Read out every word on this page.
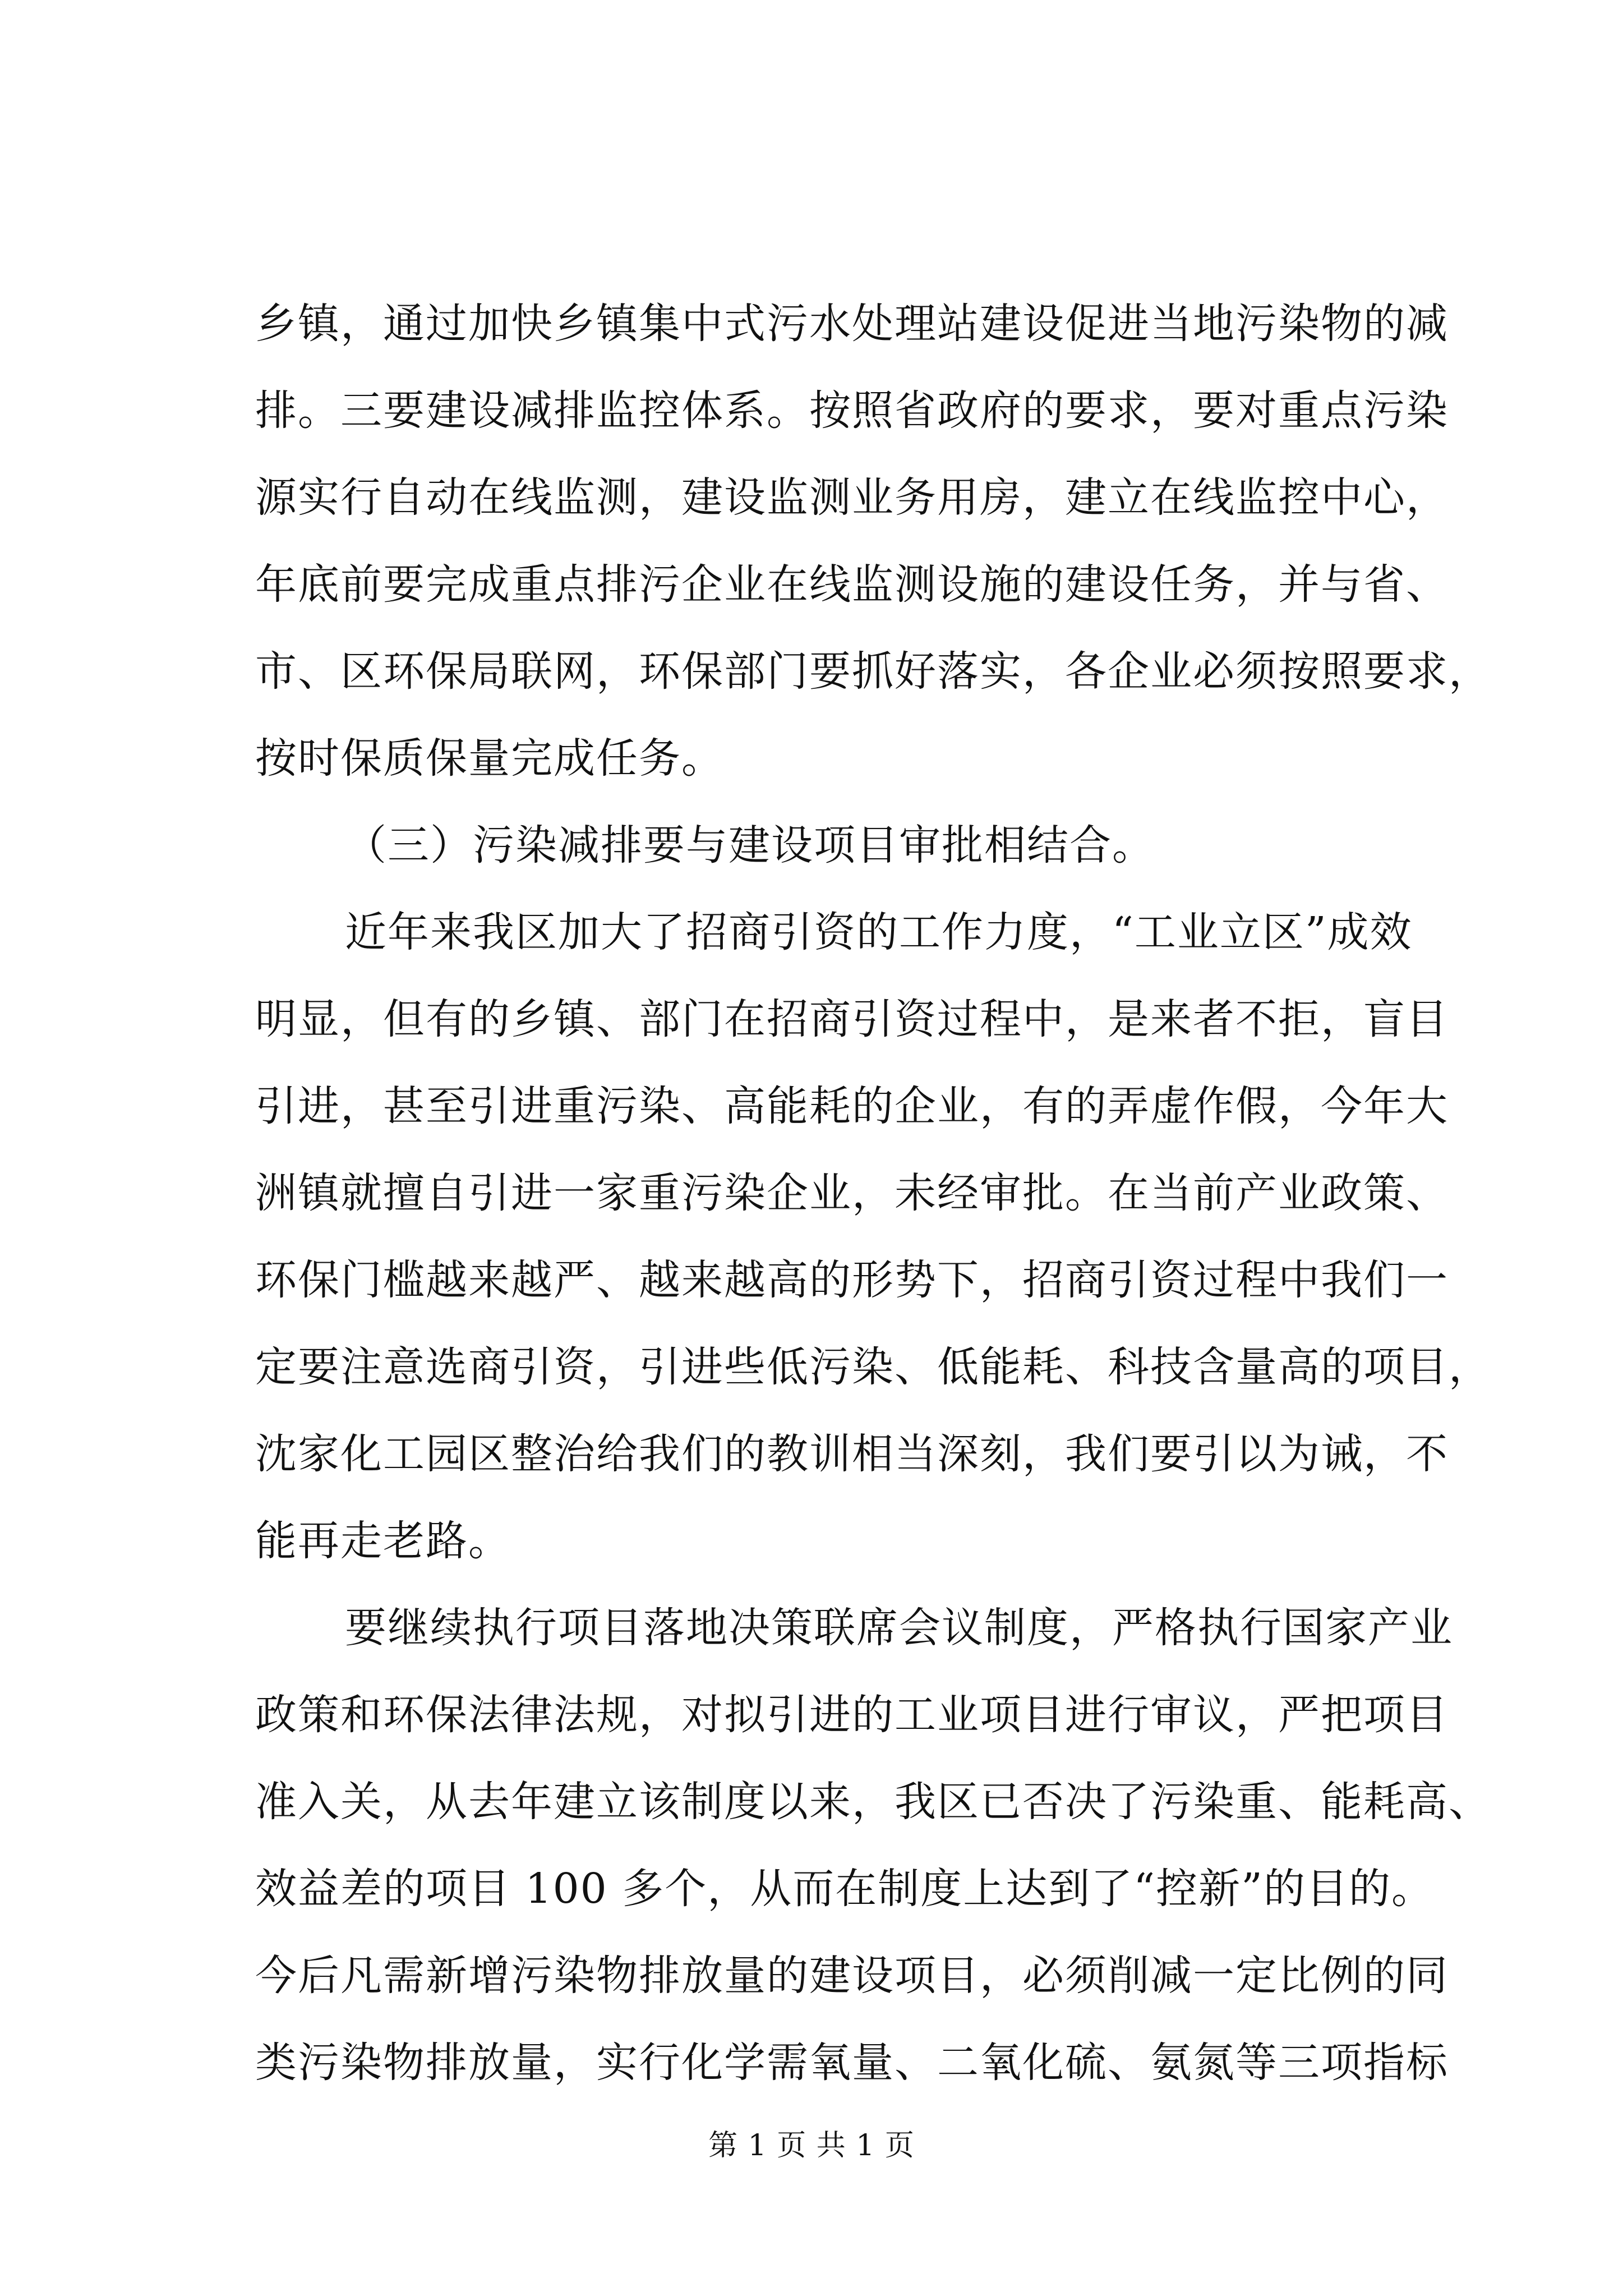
乡镇，通过加快乡镇集中式污水处理站建设促进当地污染物的减
排。三要建设减排监控体系。按照省政府的要求，要对重点污染
源实行自动在线监测，建设监测业务用房，建立在线监控中心，
年底前要完成重点排污企业在线监测设施的建设任务，并与省、
市、区环保局联网，环保部门要抓好落实，各企业必须按照要求，
按时保质保量完成任务。
（三）污染减排要与建设项目审批相结合。
近年来我区加大了招商引资的工作力度，“工业立区”成效
明显，但有的乡镇、部门在招商引资过程中，是来者不拒，盲目
引进，甚至引进重污染、高能耗的企业，有的弄虚作假，今年大
洲镇就擅自引进一家重污染企业，未经审批。在当前产业政策、
环保门槛越来越严、越来越高的形势下，招商引资过程中我们一
定要注意选商引资，引进些低污染、低能耗、科技含量高的项目，
沈家化工园区整治给我们的教训相当深刻，我们要引以为诫，不
能再走老路。
要继续执行项目落地决策联席会议制度，严格执行国家产业
政策和环保法律法规，对拟引进的工业项目进行审议，严把项目
准入关，从去年建立该制度以来，我区已否决了污染重、能耗高、
效益差的项目 100 多个，从而在制度上达到了“控新”的目的。
今后凡需新增污染物排放量的建设项目，必须削减一定比例的同
类污染物排放量，实行化学需氧量、二氧化硫、氨氮等三项指标
第 1 页 共 1 页
